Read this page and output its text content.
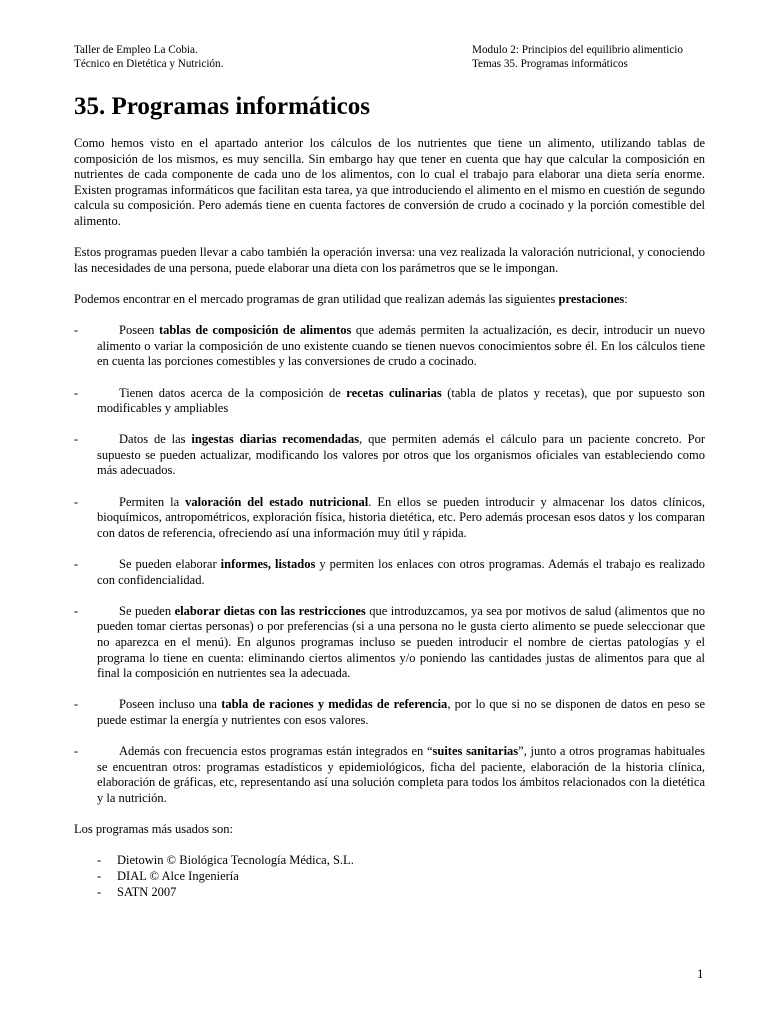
Taller de Empleo La Cobia.
Técnico en Dietética y Nutrición.
Modulo 2: Principios del equilibrio alimenticio
Temas 35. Programas informáticos
35. Programas informáticos

Como hemos visto en el apartado anterior los cálculos de los nutrientes que tiene un alimento, utilizando tablas de composición de los mismos, es muy sencilla. Sin embargo hay que tener en cuenta que hay que calcular la composición en nutrientes de cada componente de cada uno de los alimentos, con lo cual el trabajo para elaborar una dieta sería enorme. Existen programas informáticos que facilitan esta tarea, ya que introduciendo el alimento en el mismo en cuestión de segundo calcula su composición. Pero además tiene en cuenta factores de conversión de crudo a cocinado y la porción comestible del alimento.

Estos programas pueden llevar a cabo también la operación inversa: una vez realizada la valoración nutricional, y conociendo las necesidades de una persona, puede elaborar una dieta con los parámetros que se le impongan.

Podemos encontrar en el mercado programas de gran utilidad que realizan además las siguientes prestaciones:

-	Poseen tablas de composición de alimentos que además permiten la actualización, es decir, introducir un nuevo alimento o variar la composición de uno existente cuando se tienen nuevos conocimientos sobre él. En los cálculos tiene en cuenta las porciones comestibles y las conversiones de crudo a cocinado.

-	Tienen datos acerca de la composición de recetas culinarias (tabla de platos y recetas), que por supuesto son modificables y ampliables

-	Datos de las ingestas diarias recomendadas, que permiten además el cálculo para un paciente concreto. Por supuesto se pueden actualizar, modificando los valores por otros que los organismos oficiales van estableciendo como más adecuados.

-	Permiten la valoración del estado nutricional. En ellos se pueden introducir y almacenar los datos clínicos, bioquímicos, antropométricos, exploración física, historia dietética, etc. Pero además procesan esos datos y los comparan con datos de referencia, ofreciendo así una información muy útil y rápida.

-	Se pueden elaborar informes, listados y permiten los enlaces con otros programas. Además el trabajo es realizado con confidencialidad.

-	Se pueden elaborar dietas con las restricciones que introduzcamos, ya sea por motivos de salud (alimentos que no pueden tomar ciertas personas) o por preferencias (si a una persona no le gusta cierto alimento se puede seleccionar que no aparezca en el menú). En algunos programas incluso se pueden introducir el nombre de ciertas patologías y el programa lo tiene en cuenta: eliminando ciertos alimentos y/o poniendo las cantidades justas de alimentos para que al final la composición en nutrientes sea la adecuada.

-	Poseen incluso una tabla de raciones y medidas de referencia, por lo que si no se disponen de datos en peso se puede estimar la energía y nutrientes con esos valores.

-	Además con frecuencia estos programas están integrados en “suites sanitarias”, junto a otros programas habituales se encuentran otros: programas estadísticos y epidemiológicos, ficha del paciente, elaboración de la historia clínica, elaboración de gráficas, etc, representando así una solución completa para todos los ámbitos relacionados con la dietética y la nutrición.

Los programas más usados son:

- Dietowin © Biológica Tecnología Médica, S.L.
- DIAL © Alce Ingeniería
- SATN 2007
1
